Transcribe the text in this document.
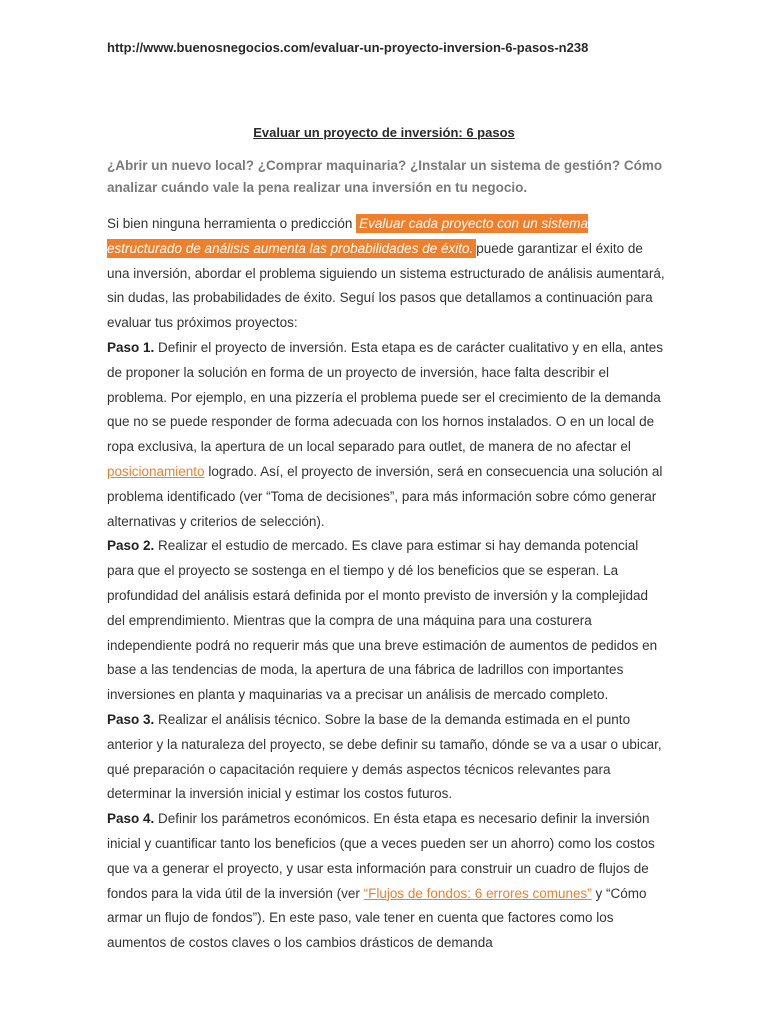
http://www.buenosnegocios.com/evaluar-un-proyecto-inversion-6-pasos-n238
Evaluar un proyecto de inversión: 6 pasos
¿Abrir un nuevo local? ¿Comprar maquinaria? ¿Instalar un sistema de gestión? Cómo analizar cuándo vale la pena realizar una inversión en tu negocio.

Si bien ninguna herramienta o predicción Evaluar cada proyecto con un sistema estructurado de análisis aumenta las probabilidades de éxito. puede garantizar el éxito de una inversión, abordar el problema siguiendo un sistema estructurado de análisis aumentará, sin dudas, las probabilidades de éxito. Seguí los pasos que detallamos a continuación para evaluar tus próximos proyectos:

Paso 1. Definir el proyecto de inversión. Esta etapa es de carácter cualitativo y en ella, antes de proponer la solución en forma de un proyecto de inversión, hace falta describir el problema. Por ejemplo, en una pizzería el problema puede ser el crecimiento de la demanda que no se puede responder de forma adecuada con los hornos instalados. O en un local de ropa exclusiva, la apertura de un local separado para outlet, de manera de no afectar el posicionamiento logrado. Así, el proyecto de inversión, será en consecuencia una solución al problema identificado (ver “Toma de decisiones”, para más información sobre cómo generar alternativas y criterios de selección).

Paso 2. Realizar el estudio de mercado. Es clave para estimar si hay demanda potencial para que el proyecto se sostenga en el tiempo y dé los beneficios que se esperan. La profundidad del análisis estará definida por el monto previsto de inversión y la complejidad del emprendimiento. Mientras que la compra de una máquina para una costurera independiente podrá no requerir más que una breve estimación de aumentos de pedidos en base a las tendencias de moda, la apertura de una fábrica de ladrillos con importantes inversiones en planta y maquinarias va a precisar un análisis de mercado completo.

Paso 3. Realizar el análisis técnico. Sobre la base de la demanda estimada en el punto anterior y la naturaleza del proyecto, se debe definir su tamaño, dónde se va a usar o ubicar, qué preparación o capacitación requiere y demás aspectos técnicos relevantes para determinar la inversión inicial y estimar los costos futuros.

Paso 4. Definir los parámetros económicos. En ésta etapa es necesario definir la inversión inicial y cuantificar tanto los beneficios (que a veces pueden ser un ahorro) como los costos que va a generar el proyecto, y usar esta información para construir un cuadro de flujos de fondos para la vida útil de la inversión (ver “Flujos de fondos: 6 errores comunes” y “Cómo armar un flujo de fondos”). En este paso, vale tener en cuenta que factores como los aumentos de costos claves o los cambios drásticos de demanda
